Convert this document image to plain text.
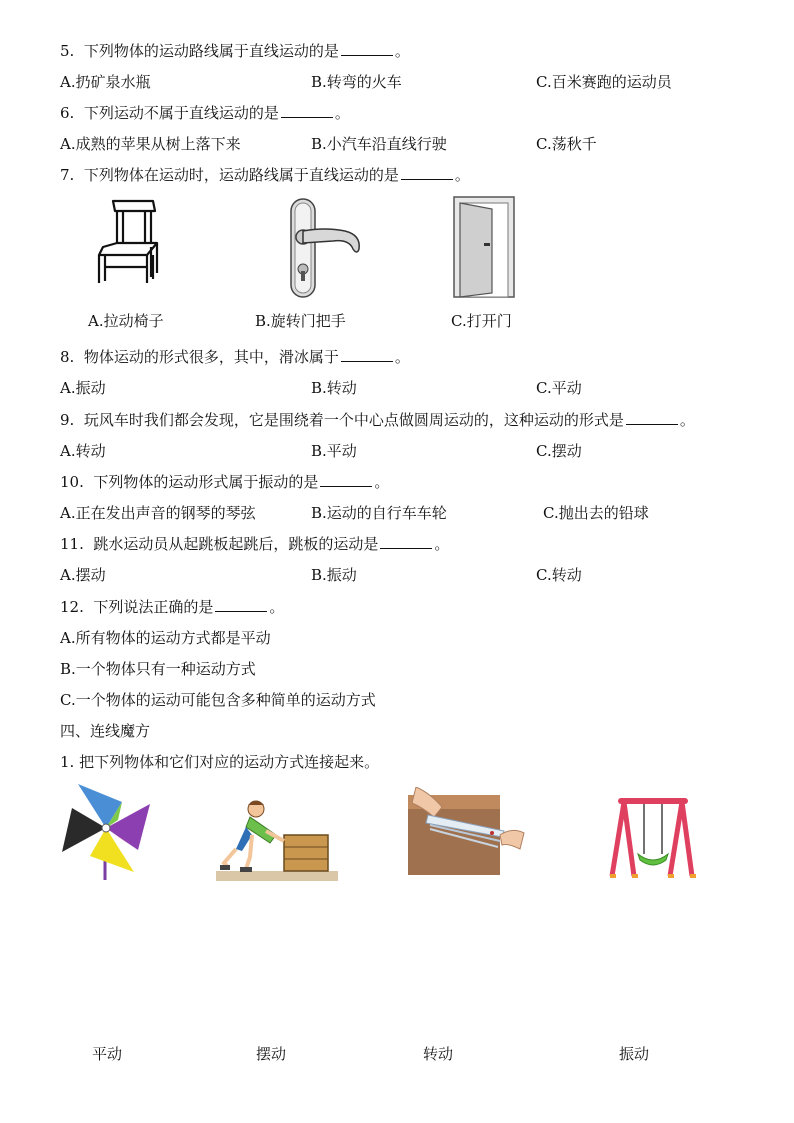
5. 下列物体的运动路线属于直线运动的是	。
A.扔矿泉水瓶	B.转弯的火车	C.百米赛跑的运动员
6. 下列运动不属于直线运动的是	。
A.成熟的苹果从树上落下来	B.小汽车沿直线行驶	C.荡秋千
7. 下列物体在运动时，运动路线属于直线运动的是	。
A.拉动椅子	B.旋转门把手	C.打开门
8. 物体运动的形式很多，其中，滑冰属于	。
A.振动	B.转动	C.平动
9. 玩风车时我们都会发现，它是围绕着一个中心点做圆周运动的，这种运动的形式是	。
A.转动	B.平动	C.摆动
10. 下列物体的运动形式属于振动的是	。
A.正在发出声音的钢琴的琴弦	B.运动的自行车车轮	C.抛出去的铅球
11. 跳水运动员从起跳板起跳后，跳板的运动是	。
A.摆动	B.振动	C.转动
12. 下列说法正确的是	。
A.所有物体的运动方式都是平动
B.一个物体只有一种运动方式
C.一个物体的运动可能包含多种简单的运动方式
四、连线魔方
1. 把下列物体和它们对应的运动方式连接起来。
平动	摆动	转动	振动
